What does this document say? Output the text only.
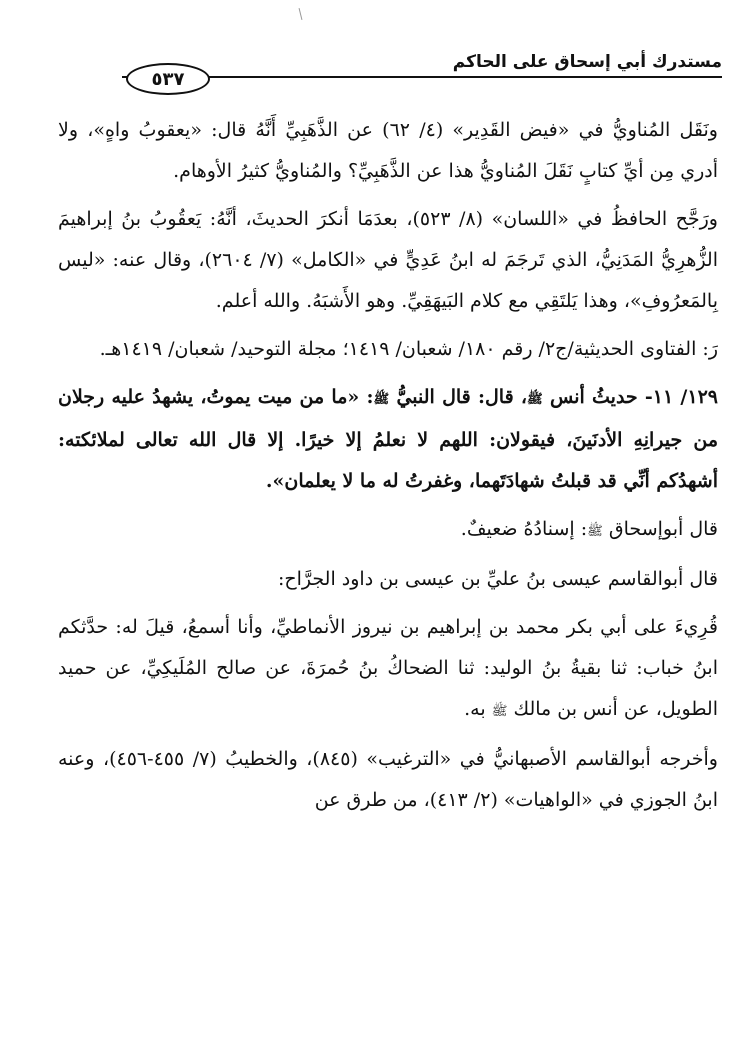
مستدرك أبي إسحاق على الحاكم
٥٣٧

ونَقَل المُناويُّ في «فيض القَدِير» (٤/ ٦٢) عن الذَّهَبِيِّ أَنَّهُ قال: «يعقوبُ واهٍ»، ولا أدري مِن أيِّ كتابٍ نَقَلَ المُناويُّ هذا عن الذَّهَبِيِّ؟ والمُناويُّ كثيرُ الأوهام.

ورَجَّح الحافظُ في «اللسان» (٨/ ٥٢٣)، بعدَمَا أنكرَ الحديثَ، أنَّهُ: يَعقُوبُ بنُ إبراهيمَ الزُّهرِيُّ المَدَنِيُّ، الذي تَرجَمَ له ابنُ عَدِيٍّ في «الكامل» (٧/ ٢٦٠٤)، وقال عنه: «ليس بِالمَعرُوفِ»، وهذا يَلتَقِي مع كلام البَيهَقِيِّ. وهو الأَشبَهُ. والله أعلم.

رَ: الفتاوى الحديثية/ج٢/ رقم ١٨٠/ شعبان/ ١٤١٩؛ مجلة التوحيد/ شعبان/ ١٤١٩هـ.

١٢٩/ ١١- حديثُ أنس ﷺ، قال: قال النبيُّ ﷺ: «ما من ميت يموتُ، يشهدُ عليه رجلان من جيرانِهِ الأدنَينَ، فيقولان: اللهم لا نعلمُ إلا خيرًا. إلا قال الله تعالى لملائكته: أشهدُكم أنِّي قد قبلتُ شهادَتَهما، وغفرتُ له ما لا يعلمان».

قال أبوإسحاق ﷺ: إسنادُهُ ضعيفٌ.

قال أبوالقاسم عيسى بنُ عليِّ بن عيسى بن داود الجرَّاح:

قُرِيءَ على أبي بكر محمد بن إبراهيم بن نيروز الأنماطيِّ، وأنا أسمعُ، قيلَ له: حدَّثكم ابنُ خباب: ثنا بقيةُ بنُ الوليد: ثنا الضحاكُ بنُ حُمرَةَ، عن صالح المُلَيكِيِّ، عن حميد الطويل، عن أنس بن مالك ﷺ به.

وأخرجه أبوالقاسم الأصبهانيُّ في «الترغيب» (٨٤٥)، والخطيبُ (٧/ ٤٥٥-٤٥٦)، وعنه ابنُ الجوزي في «الواهيات» (٢/ ٤١٣)، من طرق عن
